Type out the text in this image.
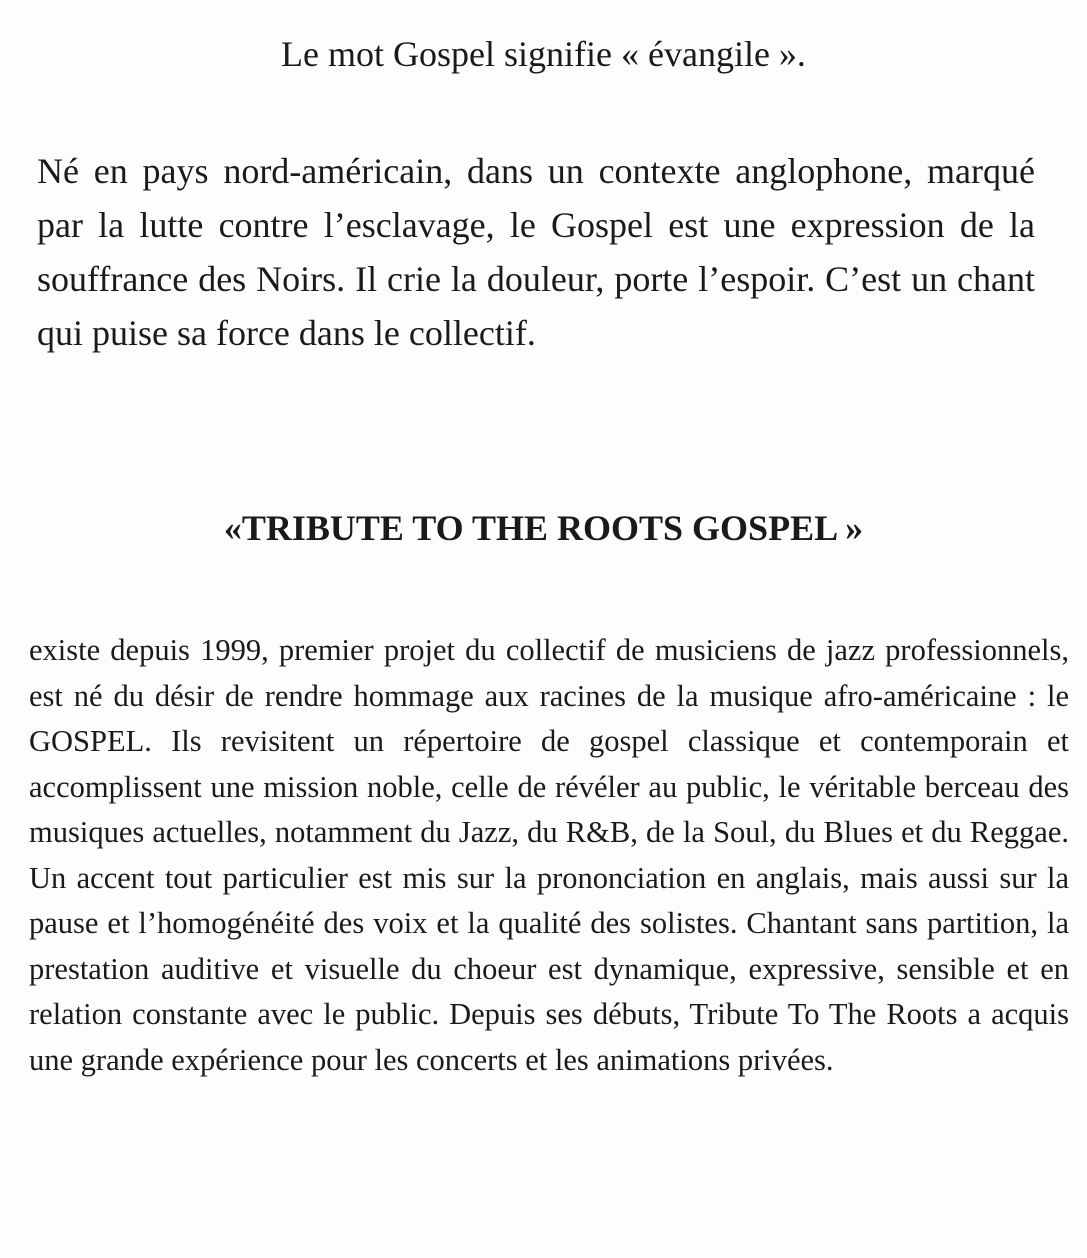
Le mot Gospel signifie « évangile ».

Né en pays nord-américain, dans un contexte anglophone, marqué par la lutte contre l’esclavage, le Gospel est une expression de la souffrance des Noirs. Il crie la douleur, porte l’espoir. C’est un chant qui puise sa force dans le collectif.

«TRIBUTE TO THE ROOTS GOSPEL »

existe depuis 1999, premier projet du collectif de musiciens de jazz professionnels, est né du désir de rendre hommage aux racines de la musique afro-américaine : le GOSPEL. Ils revisitent un répertoire de gospel classique et contemporain et accomplissent une mission noble, celle de révéler au public, le véritable berceau des musiques actuelles, notamment du Jazz, du R&B, de la Soul, du Blues et du Reggae. Un accent tout particulier est mis sur la prononciation en anglais, mais aussi sur la pause et l’homogénéité des voix et la qualité des solistes. Chantant sans partition, la prestation auditive et visuelle du choeur est dynamique, expressive, sensible et en relation constante avec le public. Depuis ses débuts, Tribute To The Roots a acquis une grande expérience pour les concerts et les animations privées.
